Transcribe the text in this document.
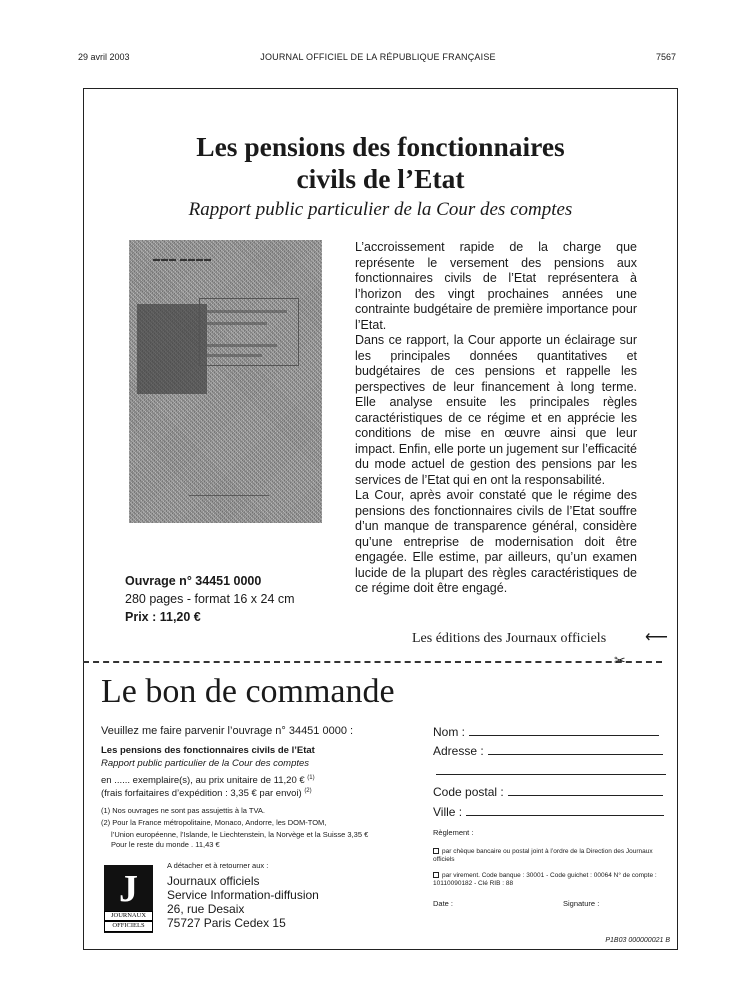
29 avril 2003	JOURNAL OFFICIEL DE LA RÉPUBLIQUE FRANÇAISE	7567
Les pensions des fonctionnaires
civils de l’Etat
Rapport public particulier de la Cour des comptes
▬▬▬ ▬▬▬▬
Ouvrage n° 34451 0000
280 pages - format 16 x 24 cm
Prix : 11,20 €

L’accroissement rapide de la charge que représente le versement des pensions aux fonctionnaires civils de l’Etat représentera à l’horizon des vingt prochaines années une contrainte budgétaire de première importance pour l’Etat.

Dans ce rapport, la Cour apporte un éclairage sur les principales données quantitatives et budgétaires de ces pensions et rappelle les perspectives de leur financement à long terme. Elle analyse ensuite les principales règles caractéristiques de ce régime et en apprécie les conditions de mise en œuvre ainsi que leur impact. Enfin, elle porte un jugement sur l’efficacité du mode actuel de gestion des pensions par les services de l’Etat qui en ont la responsabilité.

La Cour, après avoir constaté que le régime des pensions des fonctionnaires civils de l’Etat souffre d’un manque de transparence général, considère qu’une entreprise de modernisation doit être engagée. Elle estime, par ailleurs, qu’un examen lucide de la plupart des règles caractéristiques de ce régime doit être engagé.

Les éditions des Journaux officiels ⟵
✂
Le bon de commande
Veuillez me faire parvenir l’ouvrage n° 34451 0000 :
Les pensions des fonctionnaires civils de l’Etat
Rapport public particulier de la Cour des comptes
en ...... exemplaire(s), au prix unitaire de 11,20 € $^{(1)}$
(frais forfaitaires d’expédition : 3,35 € par envoi) $^{(2)}$
(1) Nos ouvrages ne sont pas assujettis à la TVA.
(2) Pour la France métropolitaine, Monaco, Andorre, les DOM-TOM,
l’Union européenne, l’Islande, le Liechtenstein, la Norvège et la Suisse 3,35 €
Pour le reste du monde . 11,43 €
J
JOURNAUX
OFFICIELS
A détacher et à retourner aux :
Journaux officiels
Service Information-diffusion
26, rue Desaix
75727 Paris Cedex 15
Nom :
Adresse :
Code postal :
Ville :
Règlement :
par chèque bancaire ou postal joint à l’ordre de la Direction des Journaux officiels
par virement. Code banque : 30001 - Code guichet : 00064 N° de compte : 10110090182 - Clé RIB : 88
Date :	Signature :
P1B03 000000021 B
